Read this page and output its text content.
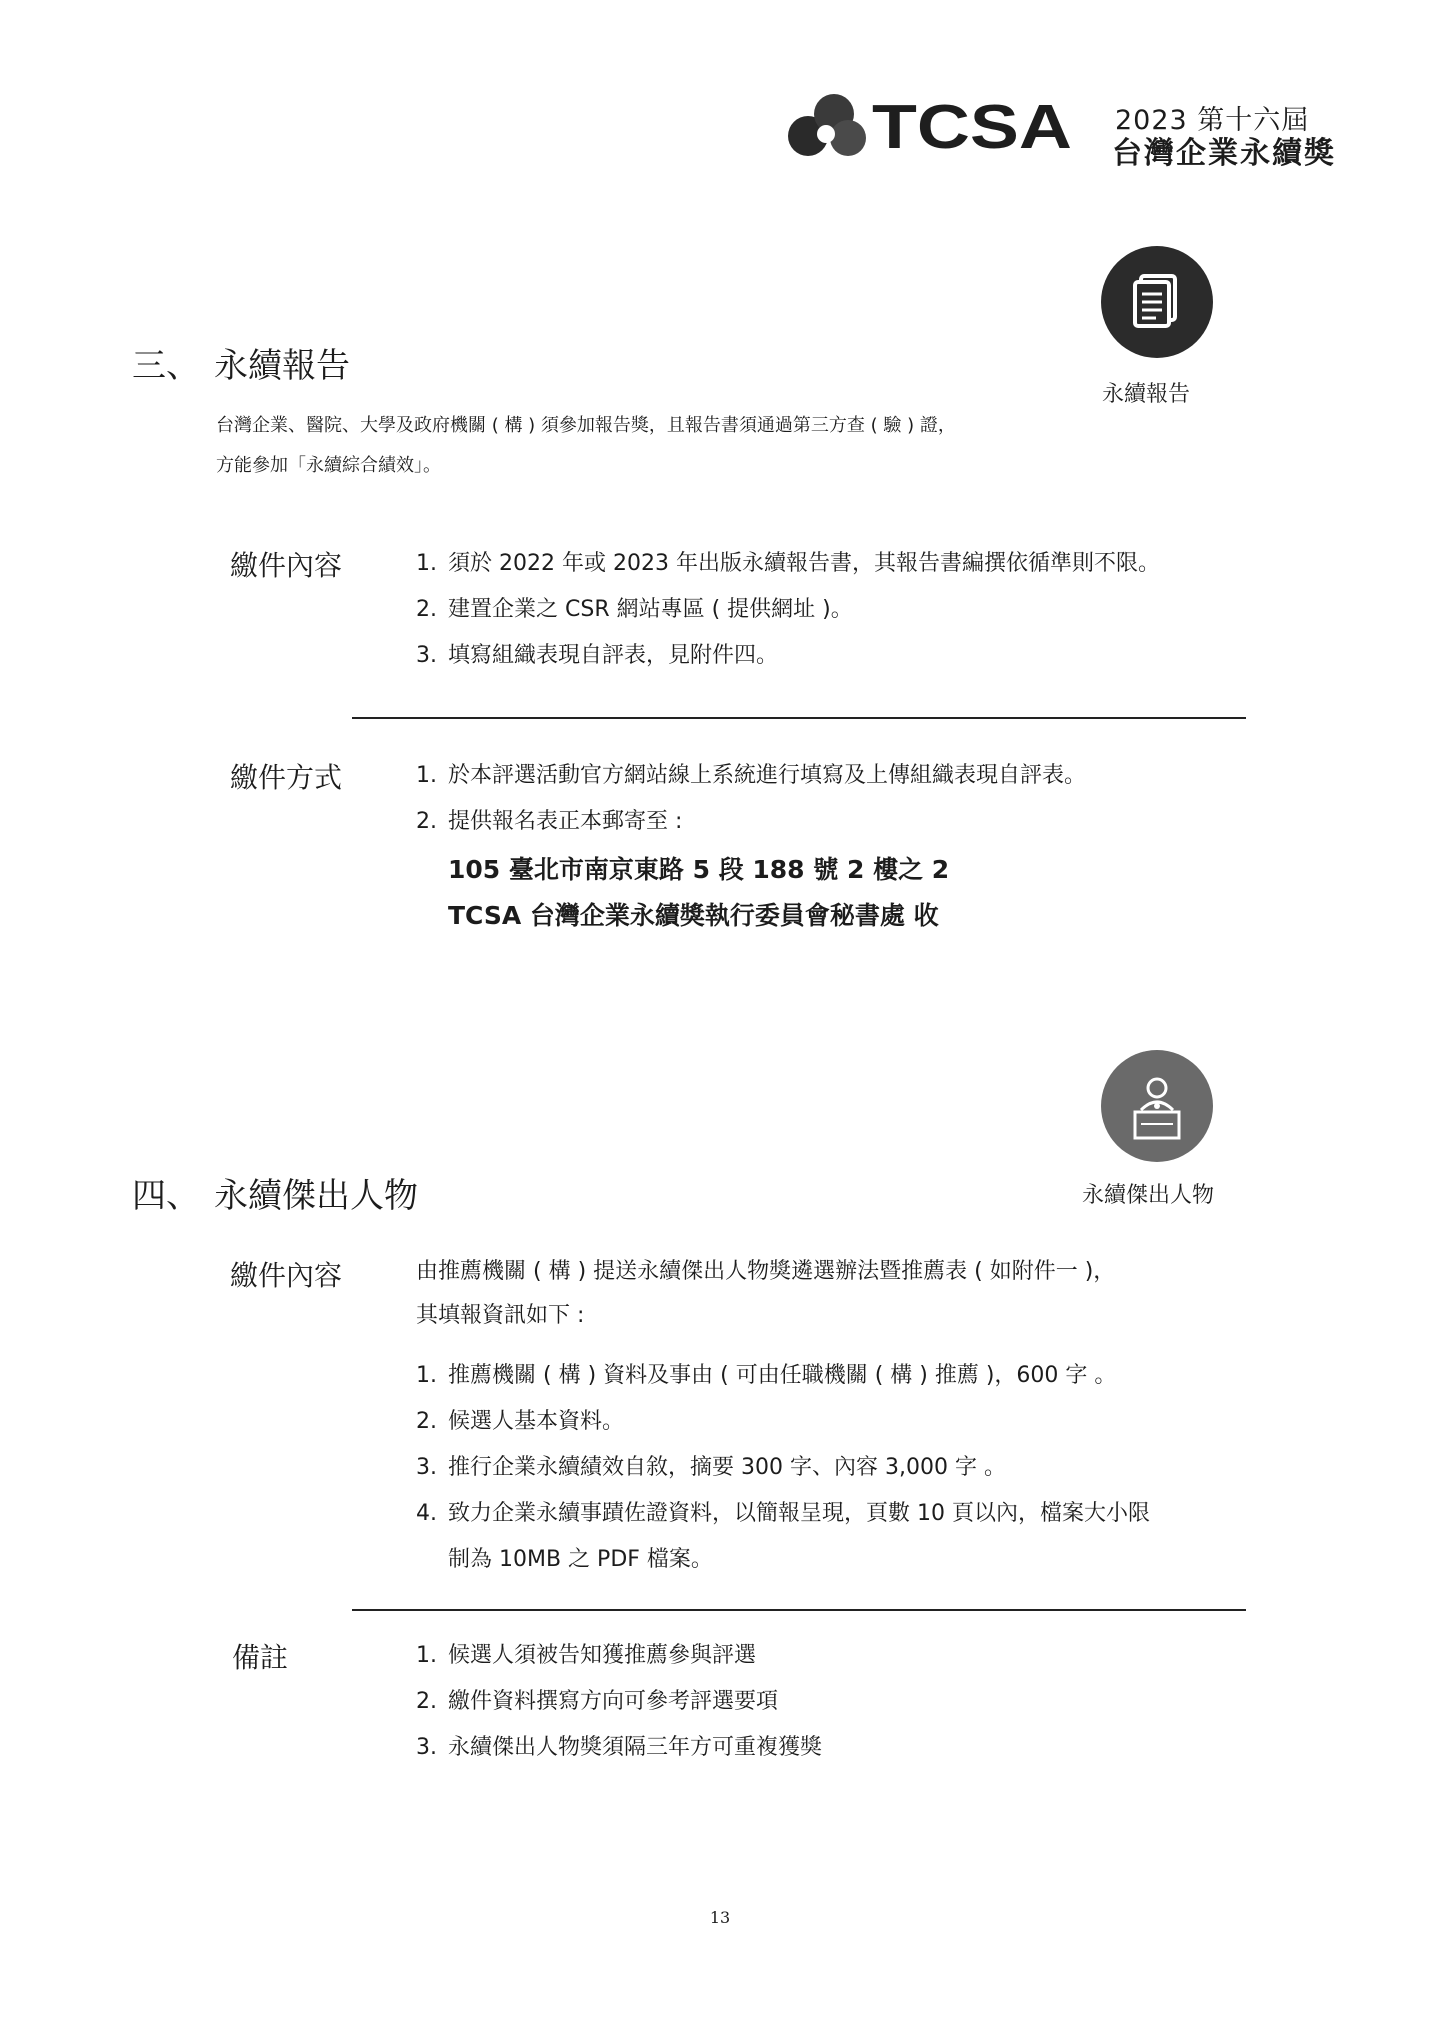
TCSA 2023 第十六屆
台灣企業永續獎
永續報告
三、 永續報告
台灣企業、醫院、大學及政府機關 ( 構 ) 須參加報告獎，且報告書須通過第三方查 ( 驗 ) 證，
方能參加「永續綜合績效」。
繳件內容	1. 須於 2022 年或 2023 年出版永續報告書，其報告書編撰依循準則不限。
2. 建置企業之 CSR 網站專區 ( 提供網址 )。
3. 填寫組織表現自評表，見附件四。
繳件方式	1. 於本評選活動官方網站線上系統進行填寫及上傳組織表現自評表。
2. 提供報名表正本郵寄至 :
105 臺北市南京東路 5 段 188 號 2 樓之 2
TCSA 台灣企業永續獎執行委員會秘書處 收
永續傑出人物
四、 永續傑出人物
繳件內容	由推薦機關 ( 構 ) 提送永續傑出人物獎遴選辦法暨推薦表 ( 如附件一 )，
其填報資訊如下 :
1. 推薦機關 ( 構 ) 資料及事由 ( 可由任職機關 ( 構 ) 推薦 )，600 字 。
2. 候選人基本資料。
3. 推行企業永續績效自敘，摘要 300 字、內容 3,000 字 。
4. 致力企業永續事蹟佐證資料，以簡報呈現，頁數 10 頁以內，檔案大小限
制為 10MB 之 PDF 檔案。
備註	1. 候選人須被告知獲推薦參與評選
2. 繳件資料撰寫方向可參考評選要項
3. 永續傑出人物獎須隔三年方可重複獲獎
13
